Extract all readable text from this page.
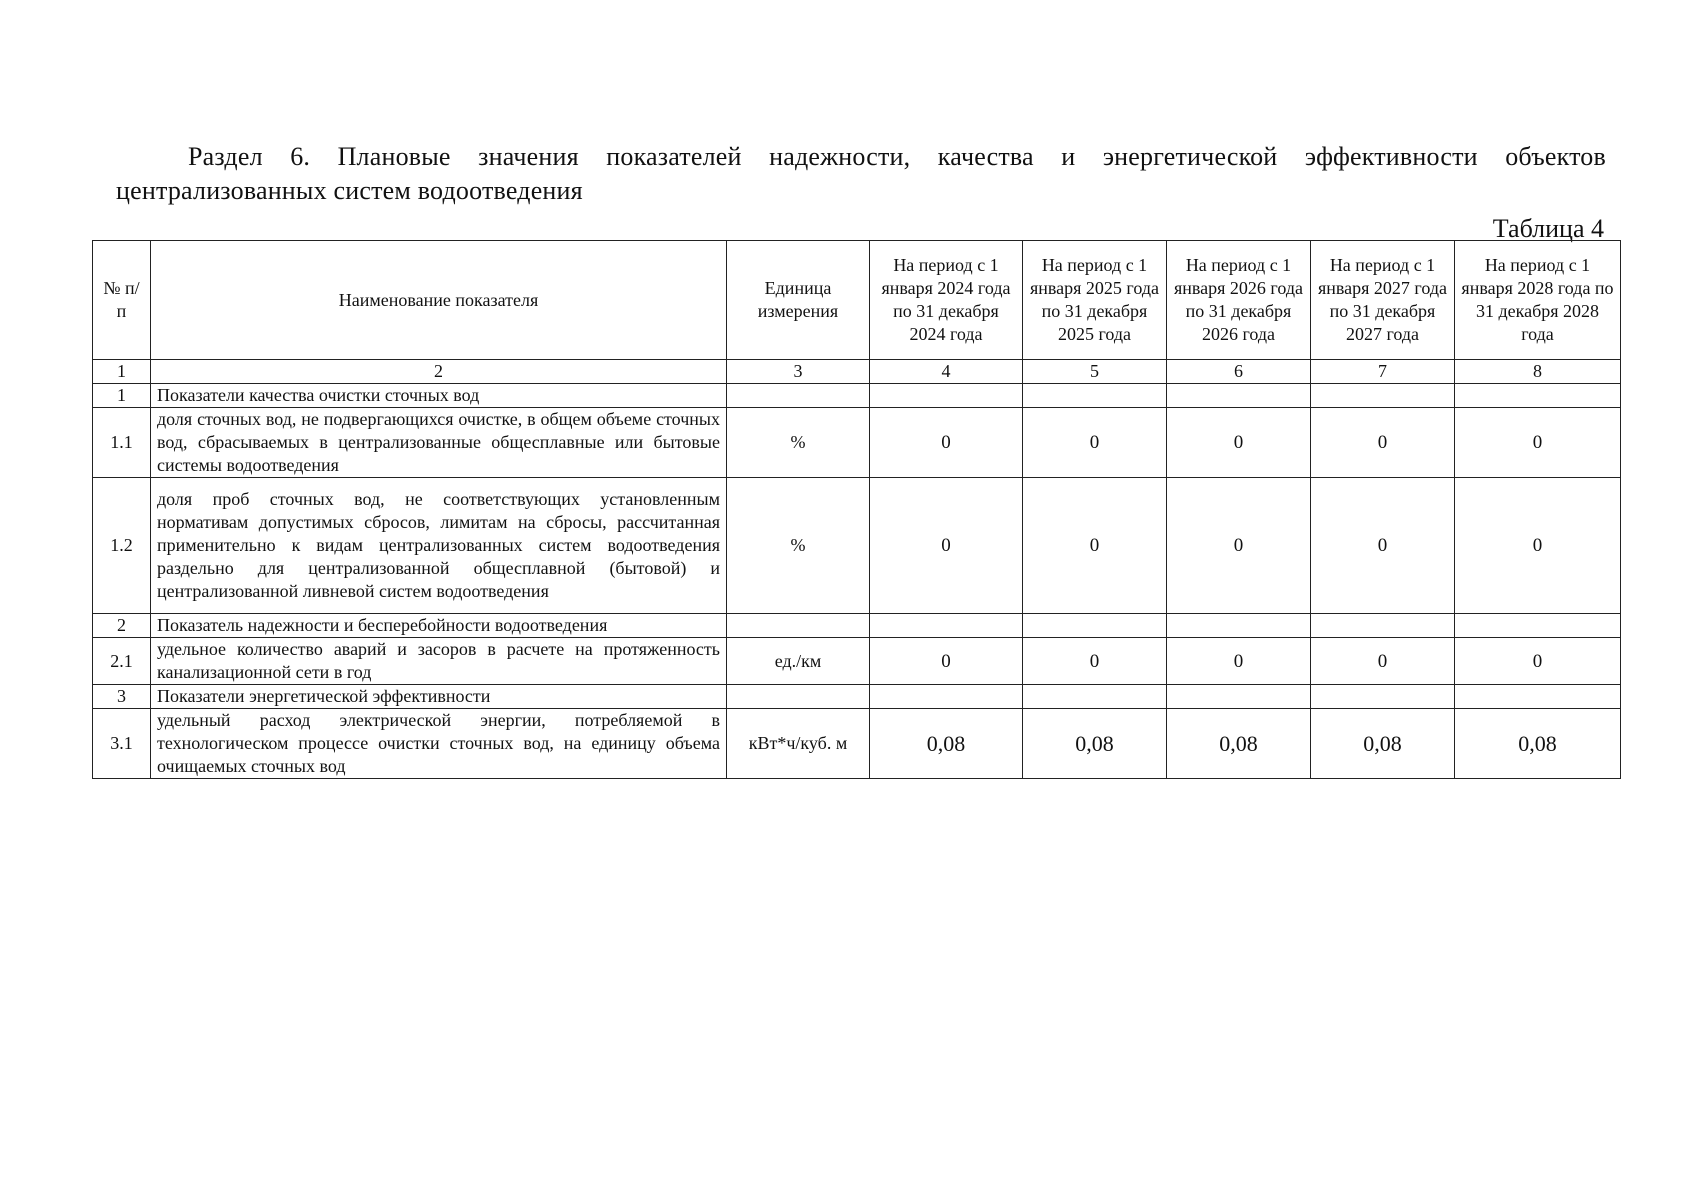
Раздел 6. Плановые значения показателей надежности, качества и энергетической эффективности объектов
централизованных систем водоотведения
Таблица 4
№ п/п	Наименование показателя	Единица измерения	На период с 1 января 2024 года по 31 декабря 2024 года	На период с 1 января 2025 года по 31 декабря 2025 года	На период с 1 января 2026 года по 31 декабря 2026 года	На период с 1 января 2027 года по 31 декабря 2027 года	На период с 1 января 2028 года по 31 декабря 2028 года
1	2	3	4	5	6	7	8
1	Показатели качества очистки сточных вод						
1.1	доля сточных вод, не подвергающихся очистке, в общем объеме сточных вод, сбрасываемых в централизованные общесплавные или бытовые системы водоотведения	%	0	0	0	0	0
1.2	доля проб сточных вод, не соответствующих установленным нормативам допустимых сбросов, лимитам на сбросы, рассчитанная применительно к видам централизованных систем водоотведения раздельно для централизованной общесплавной (бытовой) и централизованной ливневой систем водоотведения	%	0	0	0	0	0
2	Показатель надежности и бесперебойности водоотведения						
2.1	удельное количество аварий и засоров в расчете на протяженность канализационной сети в год	ед./км	0	0	0	0	0
3	Показатели энергетической эффективности						
3.1	удельный расход электрической энергии, потребляемой в технологическом процессе очистки сточных вод, на единицу объема очищаемых сточных вод	кВт*ч/куб. м	0,08	0,08	0,08	0,08	0,08
